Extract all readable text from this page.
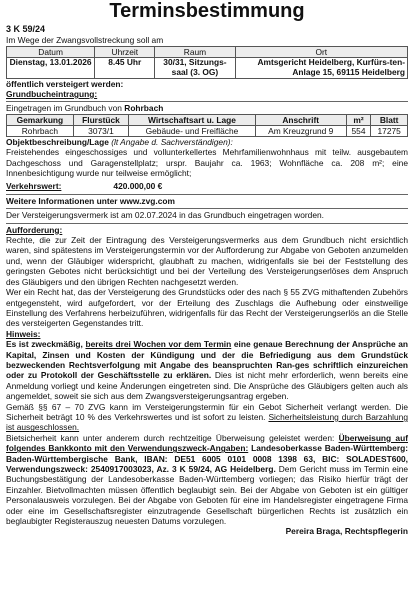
Terminsbestimmung
3 K 59/24

Im Wege der Zwangsvollstreckung soll am

Datum	Uhrzeit	Raum	Ort
Dienstag, 13.01.2026	8.45 Uhr	30/31, Sitzungs-saal (3. OG)	Amtsgericht Heidelberg, Kurfürs-ten-Anlage 15, 69115 Heidelberg
öffentlich versteigert werden:
Grundbucheintragung:
Eingetragen im Grundbuch von Rohrbach
Gemarkung	Flurstück	Wirtschaftsart u. Lage	Anschrift	m²	Blatt
Rohrbach	3073/1	Gebäude- und Freifläche	Am Kreuzgrund 9	554	17275
Objektbeschreibung/Lage (lt Angabe d. Sachverständigen):

Freistehendes eingeschossiges und vollunterkellertes Mehrfamilienwohnhaus mit teilw. ausgebautem Dachgeschoss und Garagenstellplatz; urspr. Baujahr ca. 1963; Wohnfläche ca. 208 m²; eine Innenbesichtigung wurde nur teilweise ermöglicht;

Verkehrswert:	420.000,00 €
Weitere Informationen unter www.zvg.com

Der Versteigerungsvermerk ist am 02.07.2024 in das Grundbuch eingetragen worden.

Aufforderung:

Rechte, die zur Zeit der Eintragung des Versteigerungsvermerks aus dem Grundbuch nicht ersichtlich waren, sind spätestens im Versteigerungstermin vor der Aufforderung zur Abgabe von Geboten anzumelden und, wenn der Gläubiger widerspricht, glaubhaft zu machen, widrigenfalls sie bei der Feststellung des geringsten Gebotes nicht berücksichtigt und bei der Verteilung des Versteigerungserlöses dem Anspruch des Gläubigers und den übrigen Rechten nachgesetzt werden.

Wer ein Recht hat, das der Versteigerung des Grundstücks oder des nach § 55 ZVG mithaftenden Zubehörs entgegensteht, wird aufgefordert, vor der Erteilung des Zuschlags die Aufhebung oder einstweilige Einstellung des Verfahrens herbeizuführen, widrigenfalls für das Recht der Versteigerungserlös an die Stelle des versteigerten Gegenstandes tritt.

Hinweis:

Es ist zweckmäßig, bereits drei Wochen vor dem Termin eine genaue Berechnung der Ansprüche an Kapital, Zinsen und Kosten der Kündigung und der die Befriedigung aus dem Grundstück bezweckenden Rechtsverfolgung mit Angabe des beanspruchten Ran-ges schriftlich einzureichen oder zu Protokoll der Geschäftsstelle zu erklären. Dies ist nicht mehr erforderlich, wenn bereits eine Anmeldung vorliegt und keine Änderungen eingetreten sind. Die Ansprüche des Gläubigers gelten auch als angemeldet, soweit sie sich aus dem Zwangsversteigerungsantrag ergeben.

Gemäß §§ 67 – 70 ZVG kann im Versteigerungstermin für ein Gebot Sicherheit verlangt werden. Die Sicherheit beträgt 10 % des Verkehrswertes und ist sofort zu leisten. Sicherheitsleistung durch Barzahlung ist ausgeschlossen.

Bietsicherheit kann unter anderem durch rechtzeitige Überweisung geleistet werden: Überweisung auf folgendes Bankkonto mit den Verwendungszweck-Angaben: Landesoberkasse Baden-Württemberg: Baden-Württembergische Bank, IBAN: DE51 6005 0101 0008 1398 63, BIC: SOLADEST600, Verwendungszweck: 2540917003023, Az. 3 K 59/24, AG Heidelberg. Dem Gericht muss im Termin eine Buchungsbestätigung der Landesoberkasse Baden-Württemberg vorliegen; das Risiko hierfür trägt der Einzahler. Bietvollmachten müssen öffentlich beglaubigt sein. Bei der Abgabe von Geboten ist ein gültiger Personalausweis vorzulegen. Bei der Abgabe von Geboten für eine im Handelsregister eingetragene Firma oder eine im Gesellschaftsregister einzutragende Gesellschaft bürgerlichen Rechts ist zusätzlich ein beglaubigter Registerauszug neuesten Datums vorzulegen.

Pereira Braga, Rechtspflegerin
